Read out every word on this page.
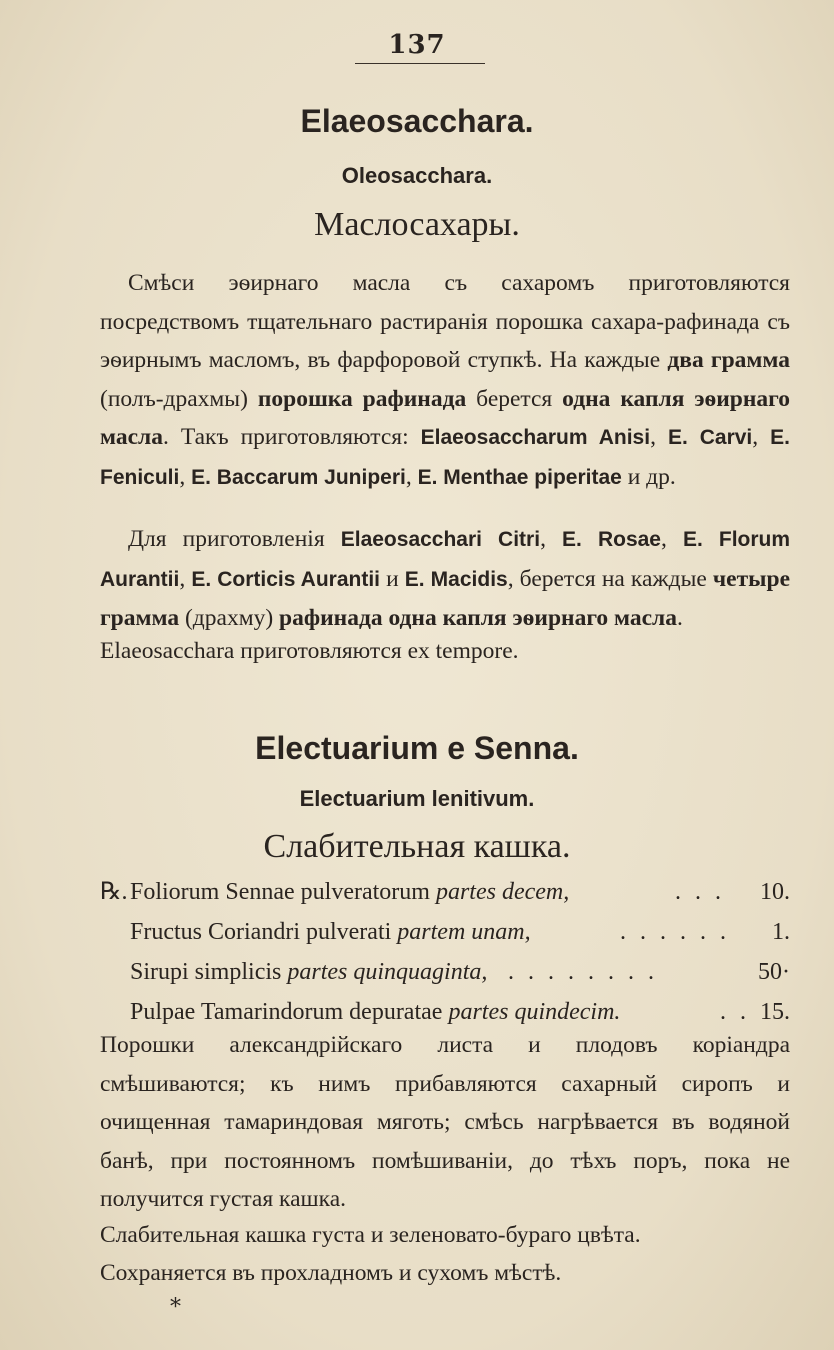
137
Elaeosaccharа.
Oleosaccharа.
Маслосахары.

Смѣси эѳирнаго масла съ сахаромъ приготовляются посредствомъ тщательнаго растиранія порошка сахара-рафинада съ эѳирнымъ масломъ, въ фарфоровой ступкѣ. На каждые два грамма (полъ-драхмы) порошка рафинада берется одна капля эѳирнаго масла. Такъ приготовляются: Elaeosaccharum Anisi, E. Carvi, E. Feniculi, E. Baccarum Juniperi, E. Menthae piperitae и др.

Для приготовленія Elaeosacchari Citri, E. Rosae, E. Florum Aurantii, E. Corticis Aurantii и E. Macidis, берется на каждые четыре грамма (драхму) рафинада одна капля эѳирнаго масла.

Elaeosaccharа приготовляются ex tempore.

Electuarium e Senna.
Electuarium lenitivum.
Слабительная кашка.
℞. Foliorum Sennae pulveratorum partes decem,	. . . 10.
Fructus Coriandri pulverati partem unam,	. . . . . . 1.
Sirupi simplicis partes quinquaginta, . . . . . . . .	50·
Pulpae Tamarindorum depuratae partes quindecim.	. . 15.

Порошки александрійскаго листа и плодовъ коріандра смѣшиваются; къ нимъ прибавляются сахарный сиропъ и очищенная тамариндовая мяготь; смѣсь нагрѣвается въ водяной банѣ, при постоянномъ помѣшиваніи, до тѣхъ поръ, пока не получится густая кашка.

Слабительная кашка густа и зеленовато-бураго цвѣта.

Сохраняется въ прохладномъ и сухомъ мѣстѣ.

*
